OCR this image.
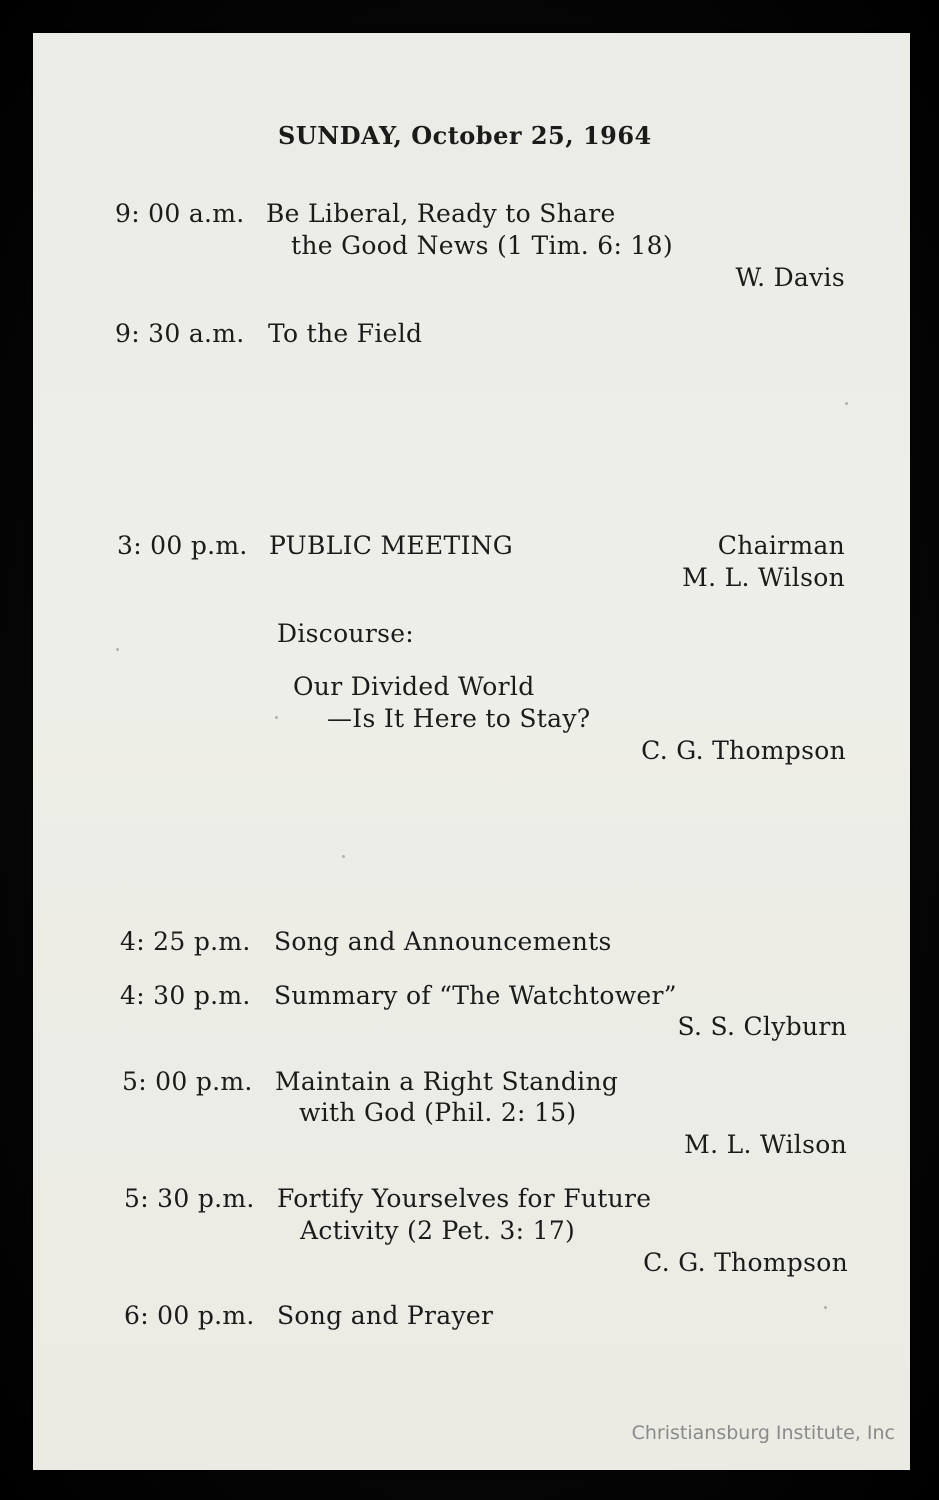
SUNDAY, October 25, 1964
9: 00 a.m. Be Liberal, Ready to Share
the Good News (1 Tim. 6: 18)
W. Davis
9: 30 a.m. To the Field
3: 00 p.m. PUBLIC MEETING	Chairman
M. L. Wilson
Discourse:
Our Divided World
—Is It Here to Stay?
C. G. Thompson
4: 25 p.m. Song and Announcements
4: 30 p.m. Summary of “The Watchtower”
S. S. Clyburn
5: 00 p.m. Maintain a Right Standing
with God (Phil. 2: 15)
M. L. Wilson
5: 30 p.m. Fortify Yourselves for Future
Activity (2 Pet. 3: 17)
C. G. Thompson
6: 00 p.m. Song and Prayer
Christiansburg Institute, Inc
